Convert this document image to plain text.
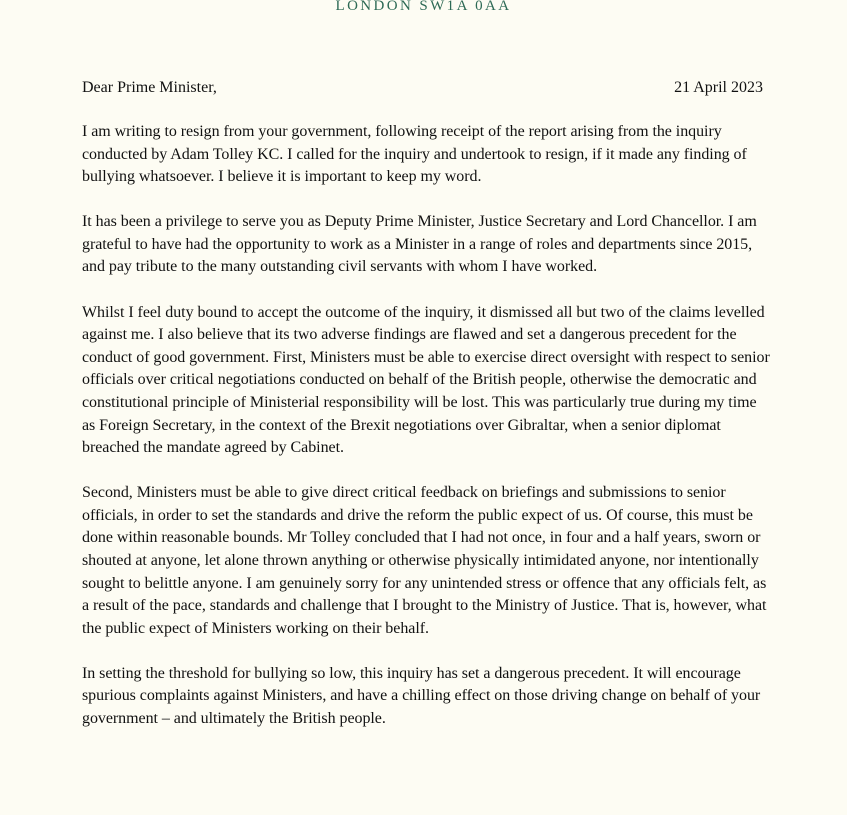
LONDON SW1A 0AA
Dear Prime Minister,	21 April 2023

I am writing to resign from your government, following receipt of the report arising from the inquiry conducted by Adam Tolley KC. I called for the inquiry and undertook to resign, if it made any finding of bullying whatsoever. I believe it is important to keep my word.

It has been a privilege to serve you as Deputy Prime Minister, Justice Secretary and Lord Chancellor. I am grateful to have had the opportunity to work as a Minister in a range of roles and departments since 2015, and pay tribute to the many outstanding civil servants with whom I have worked.

Whilst I feel duty bound to accept the outcome of the inquiry, it dismissed all but two of the claims levelled against me. I also believe that its two adverse findings are flawed and set a dangerous precedent for the conduct of good government. First, Ministers must be able to exercise direct oversight with respect to senior officials over critical negotiations conducted on behalf of the British people, otherwise the democratic and constitutional principle of Ministerial responsibility will be lost. This was particularly true during my time as Foreign Secretary, in the context of the Brexit negotiations over Gibraltar, when a senior diplomat breached the mandate agreed by Cabinet.

Second, Ministers must be able to give direct critical feedback on briefings and submissions to senior officials, in order to set the standards and drive the reform the public expect of us. Of course, this must be done within reasonable bounds. Mr Tolley concluded that I had not once, in four and a half years, sworn or shouted at anyone, let alone thrown anything or otherwise physically intimidated anyone, nor intentionally sought to belittle anyone. I am genuinely sorry for any unintended stress or offence that any officials felt, as a result of the pace, standards and challenge that I brought to the Ministry of Justice. That is, however, what the public expect of Ministers working on their behalf.

In setting the threshold for bullying so low, this inquiry has set a dangerous precedent. It will encourage spurious complaints against Ministers, and have a chilling effect on those driving change on behalf of your government – and ultimately the British people.
